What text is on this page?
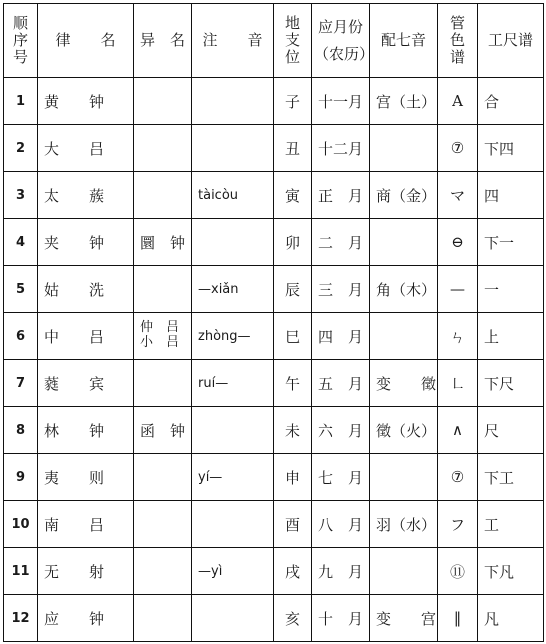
顺
序
号	律　　名	异　名	注　　音	地
支
位	应月份
（农历）	配七音	管
色
谱	工尺谱
1	黄　　钟			子	十一月	宫（土）	A	合
2	大　　吕			丑	十二月		⑦	下四
3	太　　蔟		tàicòu	寅	正　月	商（金）	マ	四
4	夹　　钟	圜　钟		卯	二　月		⊖	下一
5	姑　　洗		—xiǎn	辰	三　月	角（木）	—	一
6	中　　吕	仲　吕
小　吕	zhòng—	巳	四　月		ㄣ	上
7	蕤　　宾		ruí—	午	五　月	变　　徵	㇗	下尺
8	林　　钟	函　钟		未	六　月	徵（火）	∧	尺
9	夷　　则		yí—	申	七　月		⑦	下工
10	南　　吕			酉	八　月	羽（水）	フ	工
11	无　　射		—yì	戌	九　月		⑪	下凡
12	应　　钟			亥	十　月	变　　宫	‖	凡
